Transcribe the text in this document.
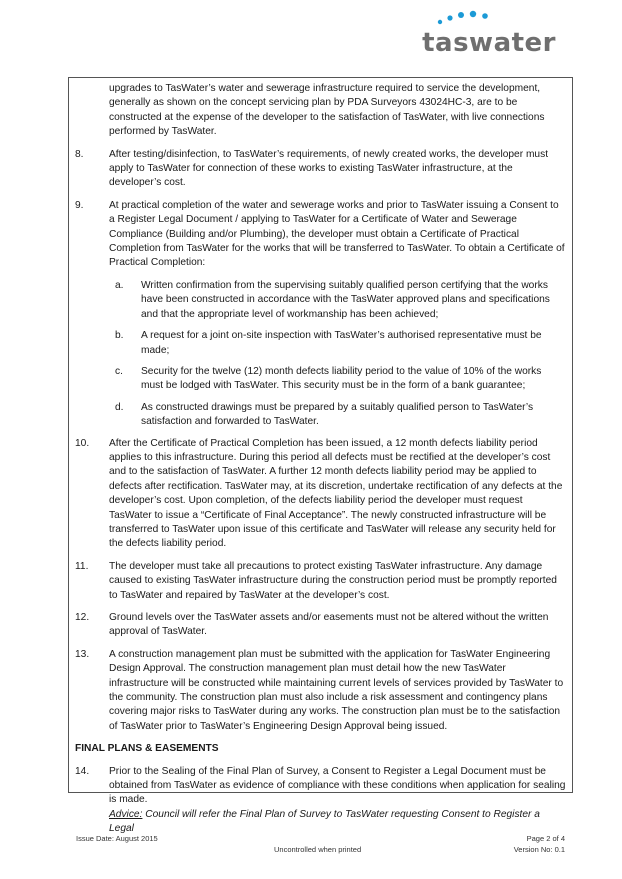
taswater
upgrades to TasWater’s water and sewerage infrastructure required to service the development, generally as shown on the concept servicing plan by PDA Surveyors 43024HC-3, are to be constructed at the expense of the developer to the satisfaction of TasWater, with live connections performed by TasWater.
8.	After testing/disinfection, to TasWater’s requirements, of newly created works, the developer must apply to TasWater for connection of these works to existing TasWater infrastructure, at the developer’s cost.
9.	At practical completion of the water and sewerage works and prior to TasWater issuing a Consent to a Register Legal Document / applying to TasWater for a Certificate of Water and Sewerage Compliance (Building and/or Plumbing), the developer must obtain a Certificate of Practical Completion from TasWater for the works that will be transferred to TasWater. To obtain a Certificate of Practical Completion:
a.	Written confirmation from the supervising suitably qualified person certifying that the works have been constructed in accordance with the TasWater approved plans and specifications and that the appropriate level of workmanship has been achieved;
b.	A request for a joint on-site inspection with TasWater’s authorised representative must be made;
c.	Security for the twelve (12) month defects liability period to the value of 10% of the works must be lodged with TasWater. This security must be in the form of a bank guarantee;
d.	As constructed drawings must be prepared by a suitably qualified person to TasWater’s satisfaction and forwarded to TasWater.
10.	After the Certificate of Practical Completion has been issued, a 12 month defects liability period applies to this infrastructure. During this period all defects must be rectified at the developer’s cost and to the satisfaction of TasWater. A further 12 month defects liability period may be applied to defects after rectification. TasWater may, at its discretion, undertake rectification of any defects at the developer’s cost. Upon completion, of the defects liability period the developer must request TasWater to issue a “Certificate of Final Acceptance”. The newly constructed infrastructure will be transferred to TasWater upon issue of this certificate and TasWater will release any security held for the defects liability period.
11.	The developer must take all precautions to protect existing TasWater infrastructure. Any damage caused to existing TasWater infrastructure during the construction period must be promptly reported to TasWater and repaired by TasWater at the developer’s cost.
12.	Ground levels over the TasWater assets and/or easements must not be altered without the written approval of TasWater.
13.	A construction management plan must be submitted with the application for TasWater Engineering Design Approval. The construction management plan must detail how the new TasWater infrastructure will be constructed while maintaining current levels of services provided by TasWater to the community. The construction plan must also include a risk assessment and contingency plans covering major risks to TasWater during any works. The construction plan must be to the satisfaction of TasWater prior to TasWater’s Engineering Design Approval being issued.
FINAL PLANS & EASEMENTS
14.	Prior to the Sealing of the Final Plan of Survey, a Consent to Register a Legal Document must be obtained from TasWater as evidence of compliance with these conditions when application for sealing is made.
Advice: Council will refer the Final Plan of Survey to TasWater requesting Consent to Register a Legal
Issue Date: August 2015
Uncontrolled when printed
Page 2 of 4
Version No: 0.1
